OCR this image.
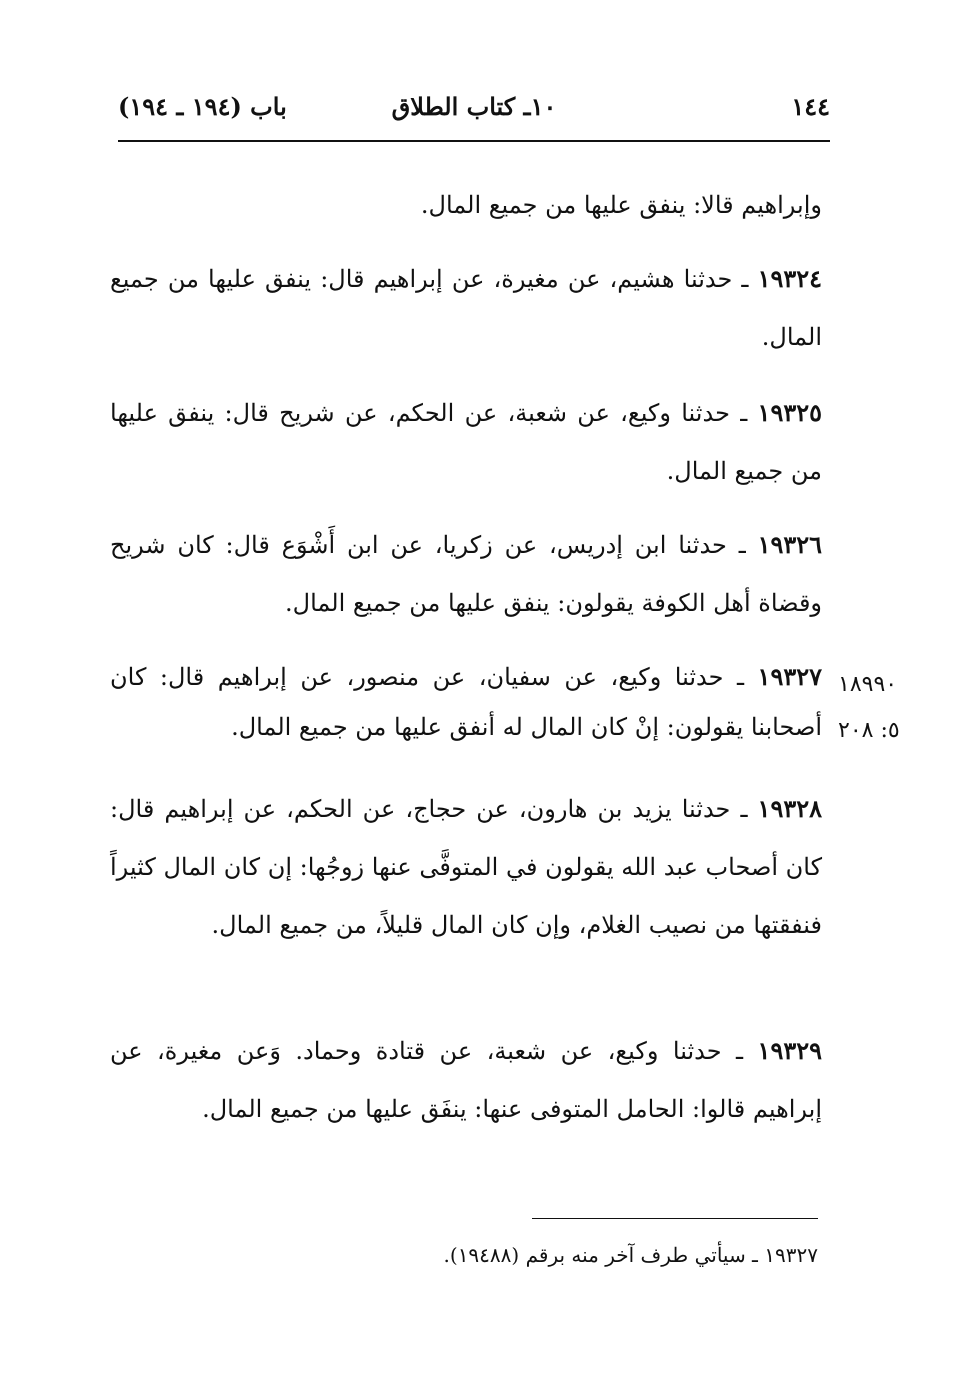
١٤٤
١٠ـ كتاب الطلاق
باب (١٩٤ ـ ١٩٤)
وإبراهيم قالا: ينفق عليها من جميع المال.
١٩٣٢٤ ـ حدثنا هشيم، عن مغيرة، عن إبراهيم قال: ينفق عليها من جميع المال.
١٩٣٢٥ ـ حدثنا وكيع، عن شعبة، عن الحكم، عن شريح قال: ينفق عليها من جميع المال.
١٩٣٢٦ ـ حدثنا ابن إدريس، عن زكريا، عن ابن أَشْوَع قال: كان شريح وقضاة أهل الكوفة يقولون: ينفق عليها من جميع المال.
١٩٣٢٧ ـ حدثنا وكيع، عن سفيان، عن منصور، عن إبراهيم قال: كان أصحابنا يقولون: إنْ كان المال له أنفق عليها من جميع المال.
١٨٩٩٠
٥: ٢٠٨
١٩٣٢٨ ـ حدثنا يزيد بن هارون، عن حجاج، عن الحكم، عن إبراهيم قال: كان أصحاب عبد الله يقولون في المتوفَّى عنها زوجُها: إن كان المال كثيراً فنفقتها من نصيب الغلام، وإن كان المال قليلاً، من جميع المال.
١٩٣٢٩ ـ حدثنا وكيع، عن شعبة، عن قتادة وحماد. وَعن مغيرة، عن إبراهيم قالوا: الحامل المتوفى عنها: ينفَق عليها من جميع المال.
١٩٣٢٧ ـ سيأتي طرف آخر منه برقم (١٩٤٨٨).
